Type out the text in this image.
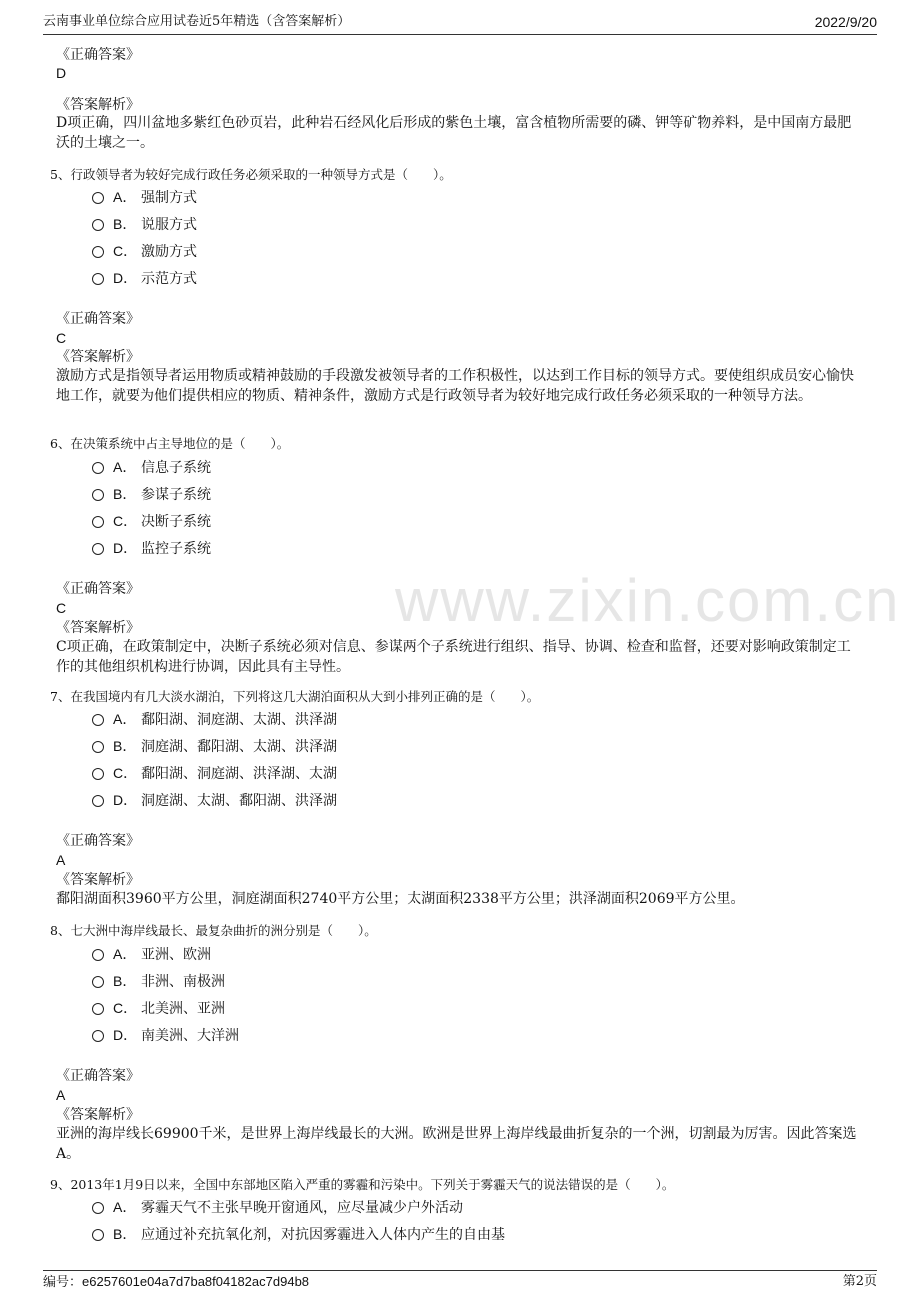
云南事业单位综合应用试卷近5年精选（含答案解析）	2022/9/20
www.zixin.com.cn
《正确答案》
D
《答案解析》
D项正确，四川盆地多紫红色砂页岩，此种岩石经风化后形成的紫色土壤，富含植物所需要的磷、钾等矿物养料，是中国南方最肥沃的土壤之一。
5、行政领导者为较好完成行政任务必须采取的一种领导方式是（　　）。
A． 强制方式
B． 说服方式
C． 激励方式
D． 示范方式
《正确答案》
C
《答案解析》
激励方式是指领导者运用物质或精神鼓励的手段激发被领导者的工作积极性，以达到工作目标的领导方式。要使组织成员安心愉快地工作，就要为他们提供相应的物质、精神条件，激励方式是行政领导者为较好地完成行政任务必须采取的一种领导方法。
6、在决策系统中占主导地位的是（　　）。
A． 信息子系统
B． 参谋子系统
C． 决断子系统
D． 监控子系统
《正确答案》
C
《答案解析》
C项正确，在政策制定中，决断子系统必须对信息、参谋两个子系统进行组织、指导、协调、检查和监督，还要对影响政策制定工作的其他组织机构进行协调，因此具有主导性。
7、在我国境内有几大淡水湖泊，下列将这几大湖泊面积从大到小排列正确的是（　　）。
A． 鄱阳湖、洞庭湖、太湖、洪泽湖
B． 洞庭湖、鄱阳湖、太湖、洪泽湖
C． 鄱阳湖、洞庭湖、洪泽湖、太湖
D． 洞庭湖、太湖、鄱阳湖、洪泽湖
《正确答案》
A
《答案解析》
鄱阳湖面积3960平方公里，洞庭湖面积2740平方公里；太湖面积2338平方公里；洪泽湖面积2069平方公里。
8、七大洲中海岸线最长、最复杂曲折的洲分别是（　　）。
A． 亚洲、欧洲
B． 非洲、南极洲
C． 北美洲、亚洲
D． 南美洲、大洋洲
《正确答案》
A
《答案解析》
亚洲的海岸线长69900千米，是世界上海岸线最长的大洲。欧洲是世界上海岸线最曲折复杂的一个洲，切割最为厉害。因此答案选A。
9、2013年1月9日以来，全国中东部地区陷入严重的雾霾和污染中。下列关于雾霾天气的说法错误的是（　　）。
A． 雾霾天气不主张早晚开窗通风，应尽量减少户外活动
B． 应通过补充抗氧化剂，对抗因雾霾进入人体内产生的自由基
编号：e6257601e04a7d7ba8f04182ac7d94b8	第2页
